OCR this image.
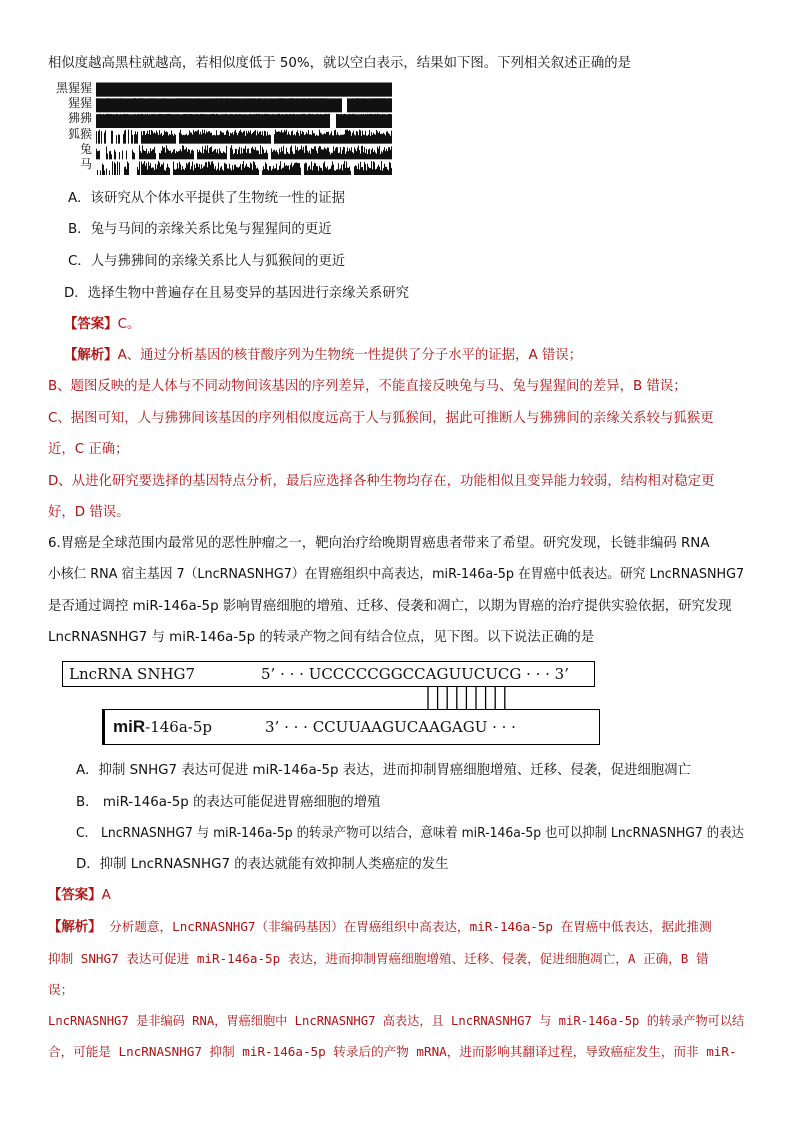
相似度越高黑柱就越高，若相似度低于 50%，就以空白表示，结果如下图。下列相关叙述正确的是
黑猩猩
猩猩
狒狒
狐猴
兔
马
A．该研究从个体水平提供了生物统一性的证据
B．兔与马间的亲缘关系比兔与猩猩间的更近
C．人与狒狒间的亲缘关系比人与狐猴间的更近
D．选择生物中普遍存在且易变异的基因进行亲缘关系研究
【答案】C。
【解析】A、通过分析基因的核苷酸序列为生物统一性提供了分子水平的证据，A 错误；
B、题图反映的是人体与不同动物间该基因的序列差异，不能直接反映兔与马、兔与猩猩间的差异，B 错误；
C、据图可知，人与狒狒间该基因的序列相似度远高于人与狐猴间，据此可推断人与狒狒间的亲缘关系较与狐猴更
近，C 正确；
D、从进化研究要选择的基因特点分析，最后应选择各种生物均存在，功能相似且变异能力较弱，结构相对稳定更
好，D 错误。
6.胃癌是全球范围内最常见的恶性肿瘤之一，靶向治疗给晚期胃癌患者带来了希望。研究发现，长链非编码 RNA
小核仁 RNA 宿主基因 7（LncRNASNHG7）在胃癌组织中高表达，miR-146a-5p 在胃癌中低表达。研究 LncRNASNHG7
是否通过调控 miR-146a-5p 影响胃癌细胞的增殖、迁移、侵袭和凋亡，以期为胃癌的治疗提供实验依据，研究发现
LncRNASNHG7 与 miR-146a-5p 的转录产物之间有结合位点，见下图。以下说法正确的是
LncRNA SNHG7	5’ · · · UCCCCCGGCCAGUUCUCG · · · 3’
miR-146a-5p	3’ · · · CCUUAAGUCAAGAGU · · ·
A．抑制 SNHG7 表达可促进 miR-146a-5p 表达，进而抑制胃癌细胞增殖、迁移、侵袭，促进细胞凋亡
B． miR-146a-5p 的表达可能促进胃癌细胞的增殖
C． LncRNASNHG7 与 miR-146a-5p 的转录产物可以结合，意味着 miR-146a-5p 也可以抑制 LncRNASNHG7 的表达
D．抑制 LncRNASNHG7 的表达就能有效抑制人类癌症的发生
【答案】A
【解析】 分析题意，LncRNASNHG7（非编码基因）在胃癌组织中高表达，miR-146a-5p 在胃癌中低表达，据此推测
抑制 SNHG7 表达可促进 miR-146a-5p 表达，进而抑制胃癌细胞增殖、迁移、侵袭，促进细胞凋亡，A 正确，B 错
误；
LncRNASNHG7 是非编码 RNA，胃癌细胞中 LncRNASNHG7 高表达，且 LncRNASNHG7 与 miR-146a-5p 的转录产物可以结
合，可能是 LncRNASNHG7 抑制 miR-146a-5p 转录后的产物 mRNA，进而影响其翻译过程，导致癌症发生，而非 miR-
